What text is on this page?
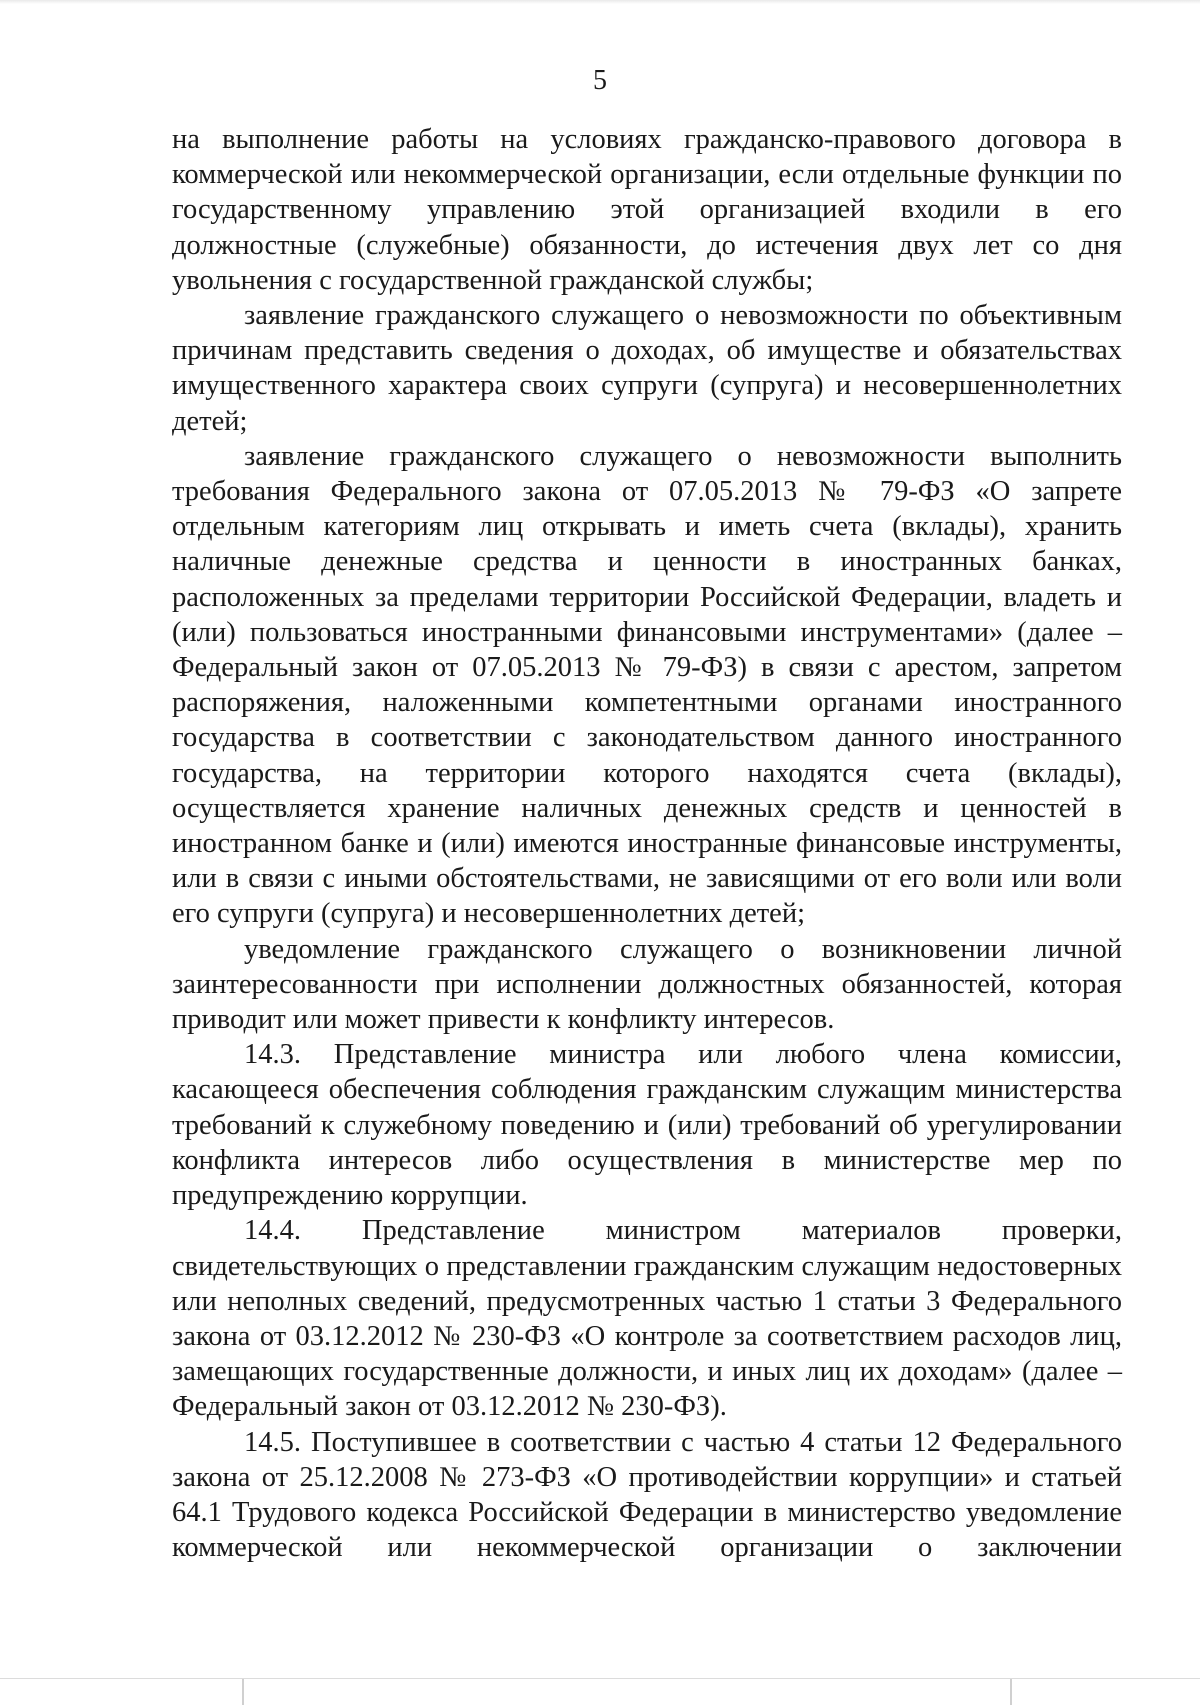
5

на выполнение работы на условиях гражданско-правового договора в коммерческой или некоммерческой организации, если отдельные функции по государственному управлению этой организацией входили в его должностные (служебные) обязанности, до истечения двух лет со дня увольнения с государственной гражданской службы;

заявление гражданского служащего о невозможности по объективным причинам представить сведения о доходах, об имуществе и обязательствах имущественного характера своих супруги (супруга) и несовершеннолетних детей;

заявление гражданского служащего о невозможности выполнить требования Федерального закона от 07.05.2013 № 79-ФЗ «О запрете отдельным категориям лиц открывать и иметь счета (вклады), хранить наличные денежные средства и ценности в иностранных банках, расположенных за пределами территории Российской Федерации, владеть и (или) пользоваться иностранными финансовыми инструментами» (далее – Федеральный закон от 07.05.2013 № 79-ФЗ) в связи с арестом, запретом распоряжения, наложенными компетентными органами иностранного государства в соответствии с законодательством данного иностранного государства, на территории которого находятся счета (вклады), осуществляется хранение наличных денежных средств и ценностей в иностранном банке и (или) имеются иностранные финансовые инструменты, или в связи с иными обстоятельствами, не зависящими от его воли или воли его супруги (супруга) и несовершеннолетних детей;

уведомление гражданского служащего о возникновении личной заинтересованности при исполнении должностных обязанностей, которая приводит или может привести к конфликту интересов.

14.3. Представление министра или любого члена комиссии, касающееся обеспечения соблюдения гражданским служащим министерства требований к служебному поведению и (или) требований об урегулировании конфликта интересов либо осуществления в министерстве мер по предупреждению коррупции.

14.4. Представление министром материалов проверки, свидетельствующих о представлении гражданским служащим недостоверных или неполных сведений, предусмотренных частью 1 статьи 3 Федерального закона от 03.12.2012 № 230-ФЗ «О контроле за соответствием расходов лиц, замещающих государственные должности, и иных лиц их доходам» (далее – Федеральный закон от 03.12.2012 № 230-ФЗ).

14.5. Поступившее в соответствии с частью 4 статьи 12 Федерального закона от 25.12.2008 № 273-ФЗ «О противодействии коррупции» и статьей 64.1 Трудового кодекса Российской Федерации в министерство уведомление коммерческой или некоммерческой организации о заключении
